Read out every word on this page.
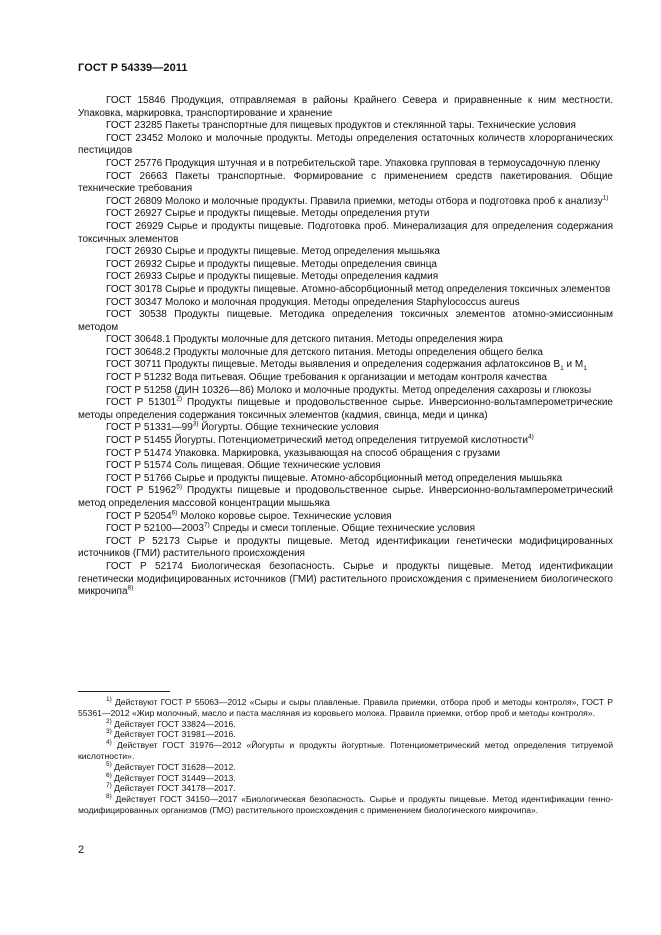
ГОСТ Р 54339—2011

ГОСТ 15846 Продукция, отправляемая в районы Крайнего Севера и приравненные к ним местности. Упаковка, маркировка, транспортирование и хранение

ГОСТ 23285 Пакеты транспортные для пищевых продуктов и стеклянной тары. Технические условия

ГОСТ 23452 Молоко и молочные продукты. Методы определения остаточных количеств хлорорганических пестицидов

ГОСТ 25776 Продукция штучная и в потребительской таре. Упаковка групповая в термоусадочную пленку

ГОСТ 26663 Пакеты транспортные. Формирование с применением средств пакетирования. Общие технические требования

ГОСТ 26809 Молоко и молочные продукты. Правила приемки, методы отбора и подготовка проб к анализу$^{1)}$

ГОСТ 26927 Сырье и продукты пищевые. Методы определения ртути

ГОСТ 26929 Сырье и продукты пищевые. Подготовка проб. Минерализация для определения содержания токсичных элементов

ГОСТ 26930 Сырье и продукты пищевые. Метод определения мышьяка

ГОСТ 26932 Сырье и продукты пищевые. Методы определения свинца

ГОСТ 26933 Сырье и продукты пищевые. Методы определения кадмия

ГОСТ 30178 Сырье и продукты пищевые. Атомно-абсорбционный метод определения токсичных элементов

ГОСТ 30347 Молоко и молочная продукция. Методы определения Staphylococcus aureus

ГОСТ 30538 Продукты пищевые. Методика определения токсичных элементов атомно-эмиссионным методом

ГОСТ 30648.1 Продукты молочные для детского питания. Методы определения жира

ГОСТ 30648.2 Продукты молочные для детского питания. Методы определения общего белка

ГОСТ 30711 Продукты пищевые. Методы выявления и определения содержания афлатоксинов $B_1$ и $M_1$

ГОСТ Р 51232 Вода питьевая. Общие требования к организации и методам контроля качества

ГОСТ Р 51258 (ДИН 10326—86) Молоко и молочные продукты. Метод определения сахарозы и глюкозы

ГОСТ Р 51301$^{2)}$ Продукты пищевые и продовольственное сырье. Инверсионно-вольтамперометрические методы определения содержания токсичных элементов (кадмия, свинца, меди и цинка)

ГОСТ Р 51331—99$^{3)}$ Йогурты. Общие технические условия

ГОСТ Р 51455 Йогурты. Потенциометрический метод определения титруемой кислотности$^{4)}$

ГОСТ Р 51474 Упаковка. Маркировка, указывающая на способ обращения с грузами

ГОСТ Р 51574 Соль пищевая. Общие технические условия

ГОСТ Р 51766 Сырье и продукты пищевые. Атомно-абсорбционный метод определения мышьяка

ГОСТ Р 51962$^{5)}$ Продукты пищевые и продовольственное сырье. Инверсионно-вольтамперометрический метод определения массовой концентрации мышьяка

ГОСТ Р 52054$^{6)}$ Молоко коровье сырое. Технические условия

ГОСТ Р 52100—2003$^{7)}$ Спреды и смеси топленые. Общие технические условия

ГОСТ Р 52173 Сырье и продукты пищевые. Метод идентификации генетически модифицированных источников (ГМИ) растительного происхождения

ГОСТ Р 52174 Биологическая безопасность. Сырье и продукты пищевые. Метод идентификации генетически модифицированных источников (ГМИ) растительного происхождения с применением биологического микрочипа$^{8)}$

$^{1)}$ Действуют ГОСТ Р 55063—2012 «Сыры и сыры плавленые. Правила приемки, отбора проб и методы контроля», ГОСТ Р 55361—2012 «Жир молочный, масло и паста масляная из коровьего молока. Правила приемки, отбор проб и методы контроля».

$^{2)}$ Действует ГОСТ 33824—2016.

$^{3)}$ Действует ГОСТ 31981—2016.

$^{4)}$ Действует ГОСТ 31976—2012 «Йогурты и продукты йогуртные. Потенциометрический метод определения титруемой кислотности».

$^{5)}$ Действует ГОСТ 31628—2012.

$^{6)}$ Действует ГОСТ 31449—2013.

$^{7)}$ Действует ГОСТ 34178—2017.

$^{8)}$ Действует ГОСТ 34150—2017 «Биологическая безопасность. Сырье и продукты пищевые. Метод идентификации генно-модифицированных организмов (ГМО) растительного происхождения с применением биологического микрочипа».

2
